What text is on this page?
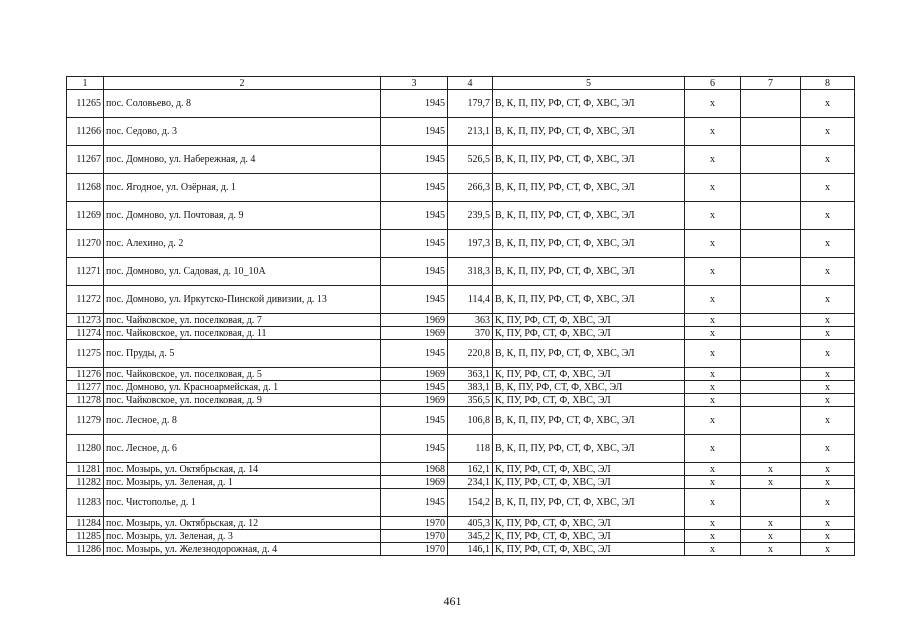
1	2	3	4	5	6	7	8
11265	пос. Соловьево, д. 8	1945	179,7	В, К, П, ПУ, РФ, СТ, Ф, ХВС, ЭЛ	х		х
11266	пос. Седово, д. 3	1945	213,1	В, К, П, ПУ, РФ, СТ, Ф, ХВС, ЭЛ	х		х
11267	пос. Домново, ул. Набережная, д. 4	1945	526,5	В, К, П, ПУ, РФ, СТ, Ф, ХВС, ЭЛ	х		х
11268	пос. Ягодное, ул. Озёрная, д. 1	1945	266,3	В, К, П, ПУ, РФ, СТ, Ф, ХВС, ЭЛ	х		х
11269	пос. Домново, ул. Почтовая, д. 9	1945	239,5	В, К, П, ПУ, РФ, СТ, Ф, ХВС, ЭЛ	х		х
11270	пос. Алехино, д. 2	1945	197,3	В, К, П, ПУ, РФ, СТ, Ф, ХВС, ЭЛ	х		х
11271	пос. Домново, ул. Садовая, д. 10_10А	1945	318,3	В, К, П, ПУ, РФ, СТ, Ф, ХВС, ЭЛ	х		х
11272	пос. Домново, ул. Иркутско-Пинской дивизии, д. 13	1945	114,4	В, К, П, ПУ, РФ, СТ, Ф, ХВС, ЭЛ	х		х
11273	пос. Чайковское, ул. поселковая, д. 7	1969	363	К, ПУ, РФ, СТ, Ф, ХВС, ЭЛ	х		х
11274	пос. Чайковское, ул. поселковая, д. 11	1969	370	К, ПУ, РФ, СТ, Ф, ХВС, ЭЛ	х		х
11275	пос. Пруды, д. 5	1945	220,8	В, К, П, ПУ, РФ, СТ, Ф, ХВС, ЭЛ	х		х
11276	пос. Чайковское, ул. поселковая, д. 5	1969	363,1	К, ПУ, РФ, СТ, Ф, ХВС, ЭЛ	х		х
11277	пос. Домново, ул. Красноармейская, д. 1	1945	383,1	В, К, ПУ, РФ, СТ, Ф, ХВС, ЭЛ	х		х
11278	пос. Чайковское, ул. поселковая, д. 9	1969	356,5	К, ПУ, РФ, СТ, Ф, ХВС, ЭЛ	х		х
11279	пос. Лесное, д. 8	1945	106,8	В, К, П, ПУ, РФ, СТ, Ф, ХВС, ЭЛ	х		х
11280	пос. Лесное, д. 6	1945	118	В, К, П, ПУ, РФ, СТ, Ф, ХВС, ЭЛ	х		х
11281	пос. Мозырь, ул. Октябрьская, д. 14	1968	162,1	К, ПУ, РФ, СТ, Ф, ХВС, ЭЛ	х	х	х
11282	пос. Мозырь, ул. Зеленая, д. 1	1969	234,1	К, ПУ, РФ, СТ, Ф, ХВС, ЭЛ	х	х	х
11283	пос. Чистополье, д. 1	1945	154,2	В, К, П, ПУ, РФ, СТ, Ф, ХВС, ЭЛ	х		х
11284	пос. Мозырь, ул. Октябрьская, д. 12	1970	405,3	К, ПУ, РФ, СТ, Ф, ХВС, ЭЛ	х	х	х
11285	пос. Мозырь, ул. Зеленая, д. 3	1970	345,2	К, ПУ, РФ, СТ, Ф, ХВС, ЭЛ	х	х	х
11286	пос. Мозырь, ул. Железнодорожная, д. 4	1970	146,1	К, ПУ, РФ, СТ, Ф, ХВС, ЭЛ	х	х	х
461
